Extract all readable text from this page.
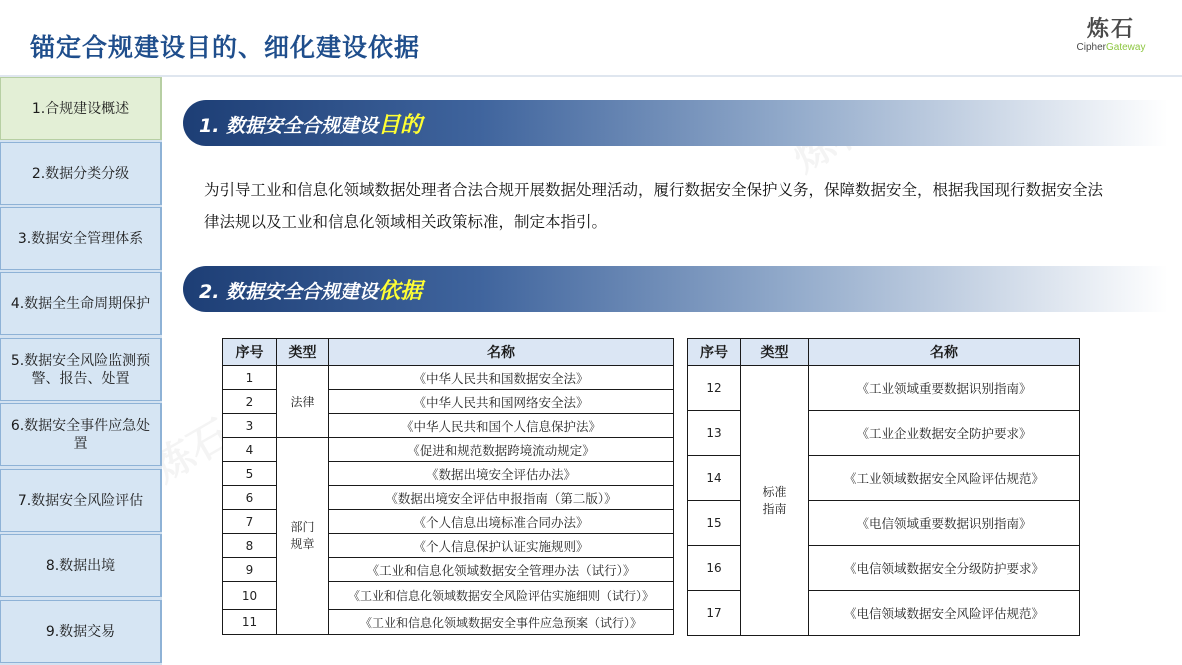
炼石
锚定合规建设目的、细化建设依据
炼石
CipherGateway
1.合规建设概述
2.数据分类分级
3.数据安全管理体系
4.数据全生命周期保护
5.数据安全风险监测预警、报告、处置
6.数据安全事件应急处置
7.数据安全风险评估
8.数据出境
9.数据交易
1. 数据安全合规建设目的
为引导工业和信息化领域数据处理者合法合规开展数据处理活动，履行数据安全保护义务，保障数据安全，根据我国现行数据安全法律法规以及工业和信息化领域相关政策标准，制定本指引。
2. 数据安全合规建设依据
序号	类型	名称
1	法律	《中华人民共和国数据安全法》
2		《中华人民共和国网络安全法》
3		《中华人民共和国个人信息保护法》
4	部门规章	《促进和规范数据跨境流动规定》
5		《数据出境安全评估办法》
6		《数据出境安全评估申报指南（第二版）》
7		《个人信息出境标准合同办法》
8		《个人信息保护认证实施规则》
9		《工业和信息化领域数据安全管理办法（试行）》
10		《工业和信息化领域数据安全风险评估实施细则（试行）》
11		《工业和信息化领域数据安全事件应急预案（试行）》
序号	类型	名称
12	标准指南	《工业领域重要数据识别指南》
13		《工业企业数据安全防护要求》
14		《工业领域数据安全风险评估规范》
15		《电信领域重要数据识别指南》
16		《电信领域数据安全分级防护要求》
17		《电信领域数据安全风险评估规范》
